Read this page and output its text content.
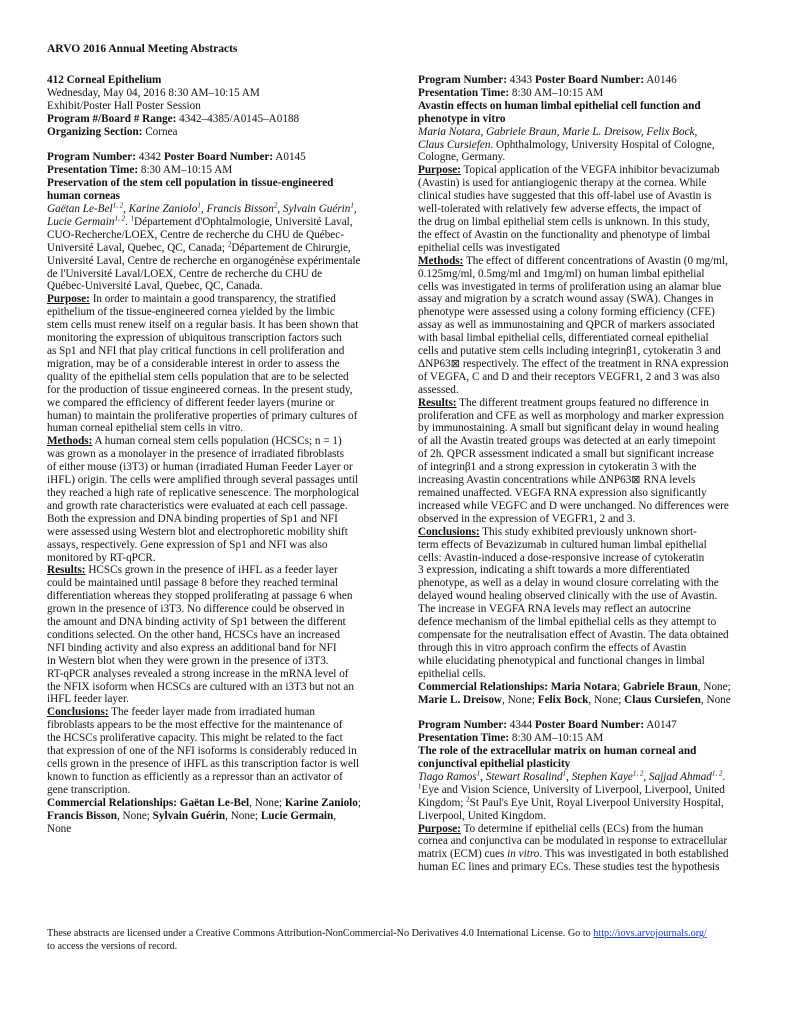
ARVO 2016 Annual Meeting Abstracts

412 Corneal Epithelium

Wednesday, May 04, 2016 8:30 AM–10:15 AM

Exhibit/Poster Hall Poster Session

Program #/Board # Range: 4342–4385/A0145–A0188

Organizing Section: Cornea

Program Number: 4342 Poster Board Number: A0145

Presentation Time: 8:30 AM–10:15 AM

Preservation of the stem cell population in tissue-engineered

human corneas

Gaëtan Le-Bel$^{1, 2}$, Karine Zaniolo$^1$, Francis Bisson$^2$, Sylvain Guérin$^1$,

Lucie Germain$^{1, 2}$. $^1$Département d'Ophtalmologie, Université Laval,

CUO-Recherche/LOEX, Centre de recherche du CHU de Québec-

Université Laval, Quebec, QC, Canada; $^2$Département de Chirurgie,

Université Laval, Centre de recherche en organogénèse expérimentale

de l'Université Laval/LOEX, Centre de recherche du CHU de

Québec-Université Laval, Quebec, QC, Canada.

Purpose: In order to maintain a good transparency, the stratified

epithelium of the tissue-engineered cornea yielded by the limbic

stem cells must renew itself on a regular basis. It has been shown that

monitoring the expression of ubiquitous transcription factors such

as Sp1 and NFI that play critical functions in cell proliferation and

migration, may be of a considerable interest in order to assess the

quality of the epithelial stem cells population that are to be selected

for the production of tissue engineered corneas. In the present study,

we compared the efficiency of different feeder layers (murine or

human) to maintain the proliferative properties of primary cultures of

human corneal epithelial stem cells in vitro.

Methods: A human corneal stem cells population (HCSCs; n = 1)

was grown as a monolayer in the presence of irradiated fibroblasts

of either mouse (i3T3) or human (irradiated Human Feeder Layer or

iHFL) origin. The cells were amplified through several passages until

they reached a high rate of replicative senescence. The morphological

and growth rate characteristics were evaluated at each cell passage.

Both the expression and DNA binding properties of Sp1 and NFI

were assessed using Western blot and electrophoretic mobility shift

assays, respectively. Gene expression of Sp1 and NFI was also

monitored by RT-qPCR.

Results: HCSCs grown in the presence of iHFL as a feeder layer

could be maintained until passage 8 before they reached terminal

differentiation whereas they stopped proliferating at passage 6 when

grown in the presence of i3T3. No difference could be observed in

the amount and DNA binding activity of Sp1 between the different

conditions selected. On the other hand, HCSCs have an increased

NFI binding activity and also express an additional band for NFI

in Western blot when they were grown in the presence of i3T3.

RT-qPCR analyses revealed a strong increase in the mRNA level of

the NFIX isoform when HCSCs are cultured with an i3T3 but not an

iHFL feeder layer.

Conclusions: The feeder layer made from irradiated human

fibroblasts appears to be the most effective for the maintenance of

the HCSCs proliferative capacity. This might be related to the fact

that expression of one of the NFI isoforms is considerably reduced in

cells grown in the presence of iHFL as this transcription factor is well

known to function as efficiently as a repressor than an activator of

gene transcription.

Commercial Relationships: Gaëtan Le-Bel, None; Karine Zaniolo;

Francis Bisson, None; Sylvain Guérin, None; Lucie Germain,

None

Program Number: 4343 Poster Board Number: A0146

Presentation Time: 8:30 AM–10:15 AM

Avastin effects on human limbal epithelial cell function and

phenotype in vitro

Maria Notara, Gabriele Braun, Marie L. Dreisow, Felix Bock,

Claus Cursiefen. Ophthalmology, University Hospital of Cologne,

Cologne, Germany.

Purpose: Topical application of the VEGFA inhibitor bevacizumab

(Avastin) is used for antiangiogenic therapy at the cornea. While

clinical studies have suggested that this off-label use of Avastin is

well-tolerated with relatively few adverse effects, the impact of

the drug on limbal epithelial stem cells is unknown. In this study,

the effect of Avastin on the functionality and phenotype of limbal

epithelial cells was investigated

Methods: The effect of different concentrations of Avastin (0 mg/ml,

0.125mg/ml, 0.5mg/ml and 1mg/ml) on human limbal epithelial

cells was investigated in terms of proliferation using an alamar blue

assay and migration by a scratch wound assay (SWA). Changes in

phenotype were assessed using a colony forming efficiency (CFE)

assay as well as immunostaining and QPCR of markers associated

with basal limbal epithelial cells, differentiated corneal epithelial

cells and putative stem cells including integrinβ1, cytokeratin 3 and

ΔNP63⊠ respectively. The effect of the treatment in RNA expression

of VEGFA, C and D and their receptors VEGFR1, 2 and 3 was also

assessed.

Results: The different treatment groups featured no difference in

proliferation and CFE as well as morphology and marker expression

by immunostaining. A small but significant delay in wound healing

of all the Avastin treated groups was detected at an early timepoint

of 2h. QPCR assessment indicated a small but significant increase

of integrinβ1 and a strong expression in cytokeratin 3 with the

increasing Avastin concentrations while ΔNP63⊠ RNA levels

remained unaffected. VEGFA RNA expression also significantly

increased while VEGFC and D were unchanged. No differences were

observed in the expression of VEGFR1, 2 and 3.

Conclusions: This study exhibited previously unknown short-

term effects of Bevazizumab in cultured human limbal epithelial

cells: Avastin-induced a dose-responsive increase of cytokeratin

3 expression, indicating a shift towards a more differentiated

phenotype, as well as a delay in wound closure correlating with the

delayed wound healing observed clinically with the use of Avastin.

The increase in VEGFA RNA levels may reflect an autocrine

defence mechanism of the limbal epithelial cells as they attempt to

compensate for the neutralisation effect of Avastin. The data obtained

through this in vitro approach confirm the effects of Avastin

while elucidating phenotypical and functional changes in limbal

epithelial cells.

Commercial Relationships: Maria Notara; Gabriele Braun, None;

Marie L. Dreisow, None; Felix Bock, None; Claus Cursiefen, None

Program Number: 4344 Poster Board Number: A0147

Presentation Time: 8:30 AM–10:15 AM

The role of the extracellular matrix on human corneal and

conjunctival epithelial plasticity

Tiago Ramos$^1$, Stewart Rosalind$^1$, Stephen Kaye$^{1, 2}$, Sajjad Ahmad$^{1, 2}$.

$^1$Eye and Vision Science, University of Liverpool, Liverpool, United

Kingdom; $^2$St Paul's Eye Unit, Royal Liverpool University Hospital,

Liverpool, United Kingdom.

Purpose: To determine if epithelial cells (ECs) from the human

cornea and conjunctiva can be modulated in response to extracellular

matrix (ECM) cues in vitro. This was investigated in both established

human EC lines and primary ECs. These studies test the hypothesis

These abstracts are licensed under a Creative Commons Attribution-NonCommercial-No Derivatives 4.0 International License. Go to http://iovs.arvojournals.org/
to access the versions of record.
